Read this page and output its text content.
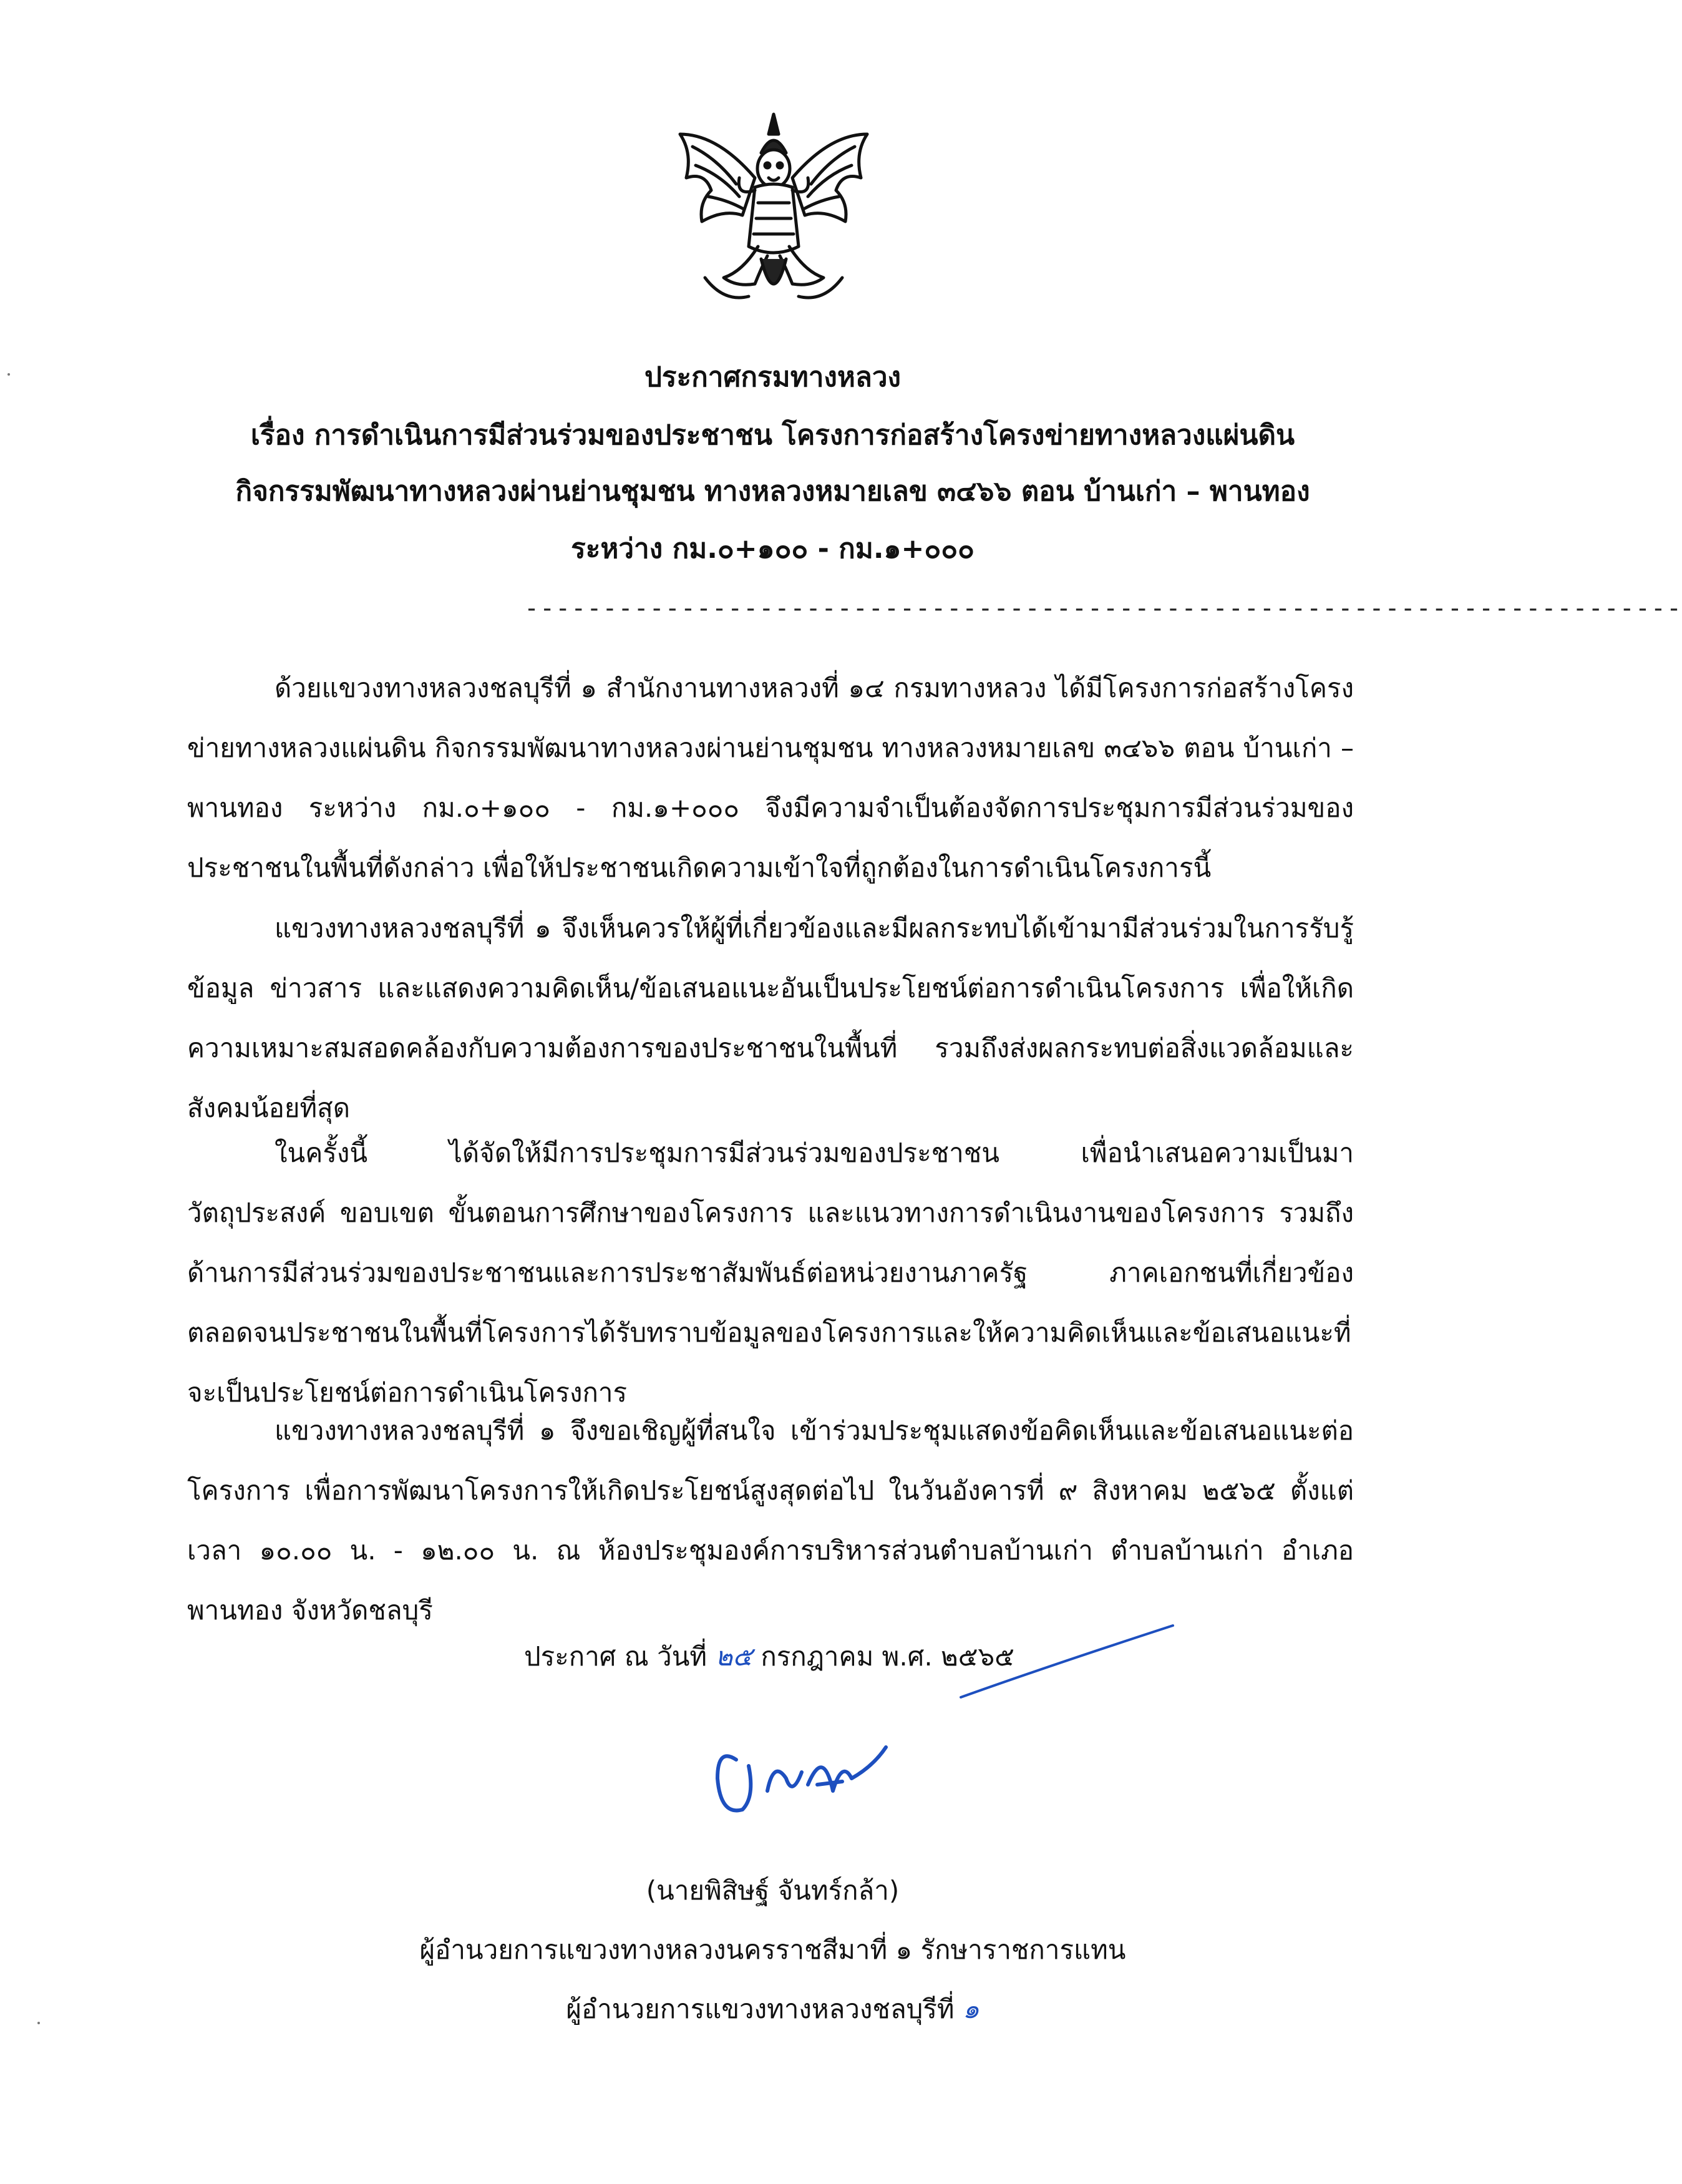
ประกาศกรมทางหลวง
เรื่อง การดำเนินการมีส่วนร่วมของประชาชน โครงการก่อสร้างโครงข่ายทางหลวงแผ่นดิน
กิจกรรมพัฒนาทางหลวงผ่านย่านชุมชน ทางหลวงหมายเลข ๓๔๖๖ ตอน บ้านเก่า – พานทอง
ระหว่าง กม.๐+๑๐๐ - กม.๑+๐๐๐
--------------------------------------------------------------------------

ด้วยแขวงทางหลวงชลบุรีที่ ๑ สำนักงานทางหลวงที่ ๑๔ กรมทางหลวง ได้มีโครงการก่อสร้างโครงข่ายทางหลวงแผ่นดิน กิจกรรมพัฒนาทางหลวงผ่านย่านชุมชน ทางหลวงหมายเลข ๓๔๖๖ ตอน บ้านเก่า – พานทอง ระหว่าง กม.๐+๑๐๐ - กม.๑+๐๐๐ จึงมีความจำเป็นต้องจัดการประชุมการมีส่วนร่วมของประชาชนในพื้นที่ดังกล่าว เพื่อให้ประชาชนเกิดความเข้าใจที่ถูกต้องในการดำเนินโครงการนี้

แขวงทางหลวงชลบุรีที่ ๑ จึงเห็นควรให้ผู้ที่เกี่ยวข้องและมีผลกระทบได้เข้ามามีส่วนร่วมในการรับรู้ข้อมูล ข่าวสาร และแสดงความคิดเห็น/ข้อเสนอแนะอันเป็นประโยชน์ต่อการดำเนินโครงการ เพื่อให้เกิดความเหมาะสมสอดคล้องกับความต้องการของประชาชนในพื้นที่ รวมถึงส่งผลกระทบต่อสิ่งแวดล้อมและสังคมน้อยที่สุด

ในครั้งนี้ ได้จัดให้มีการประชุมการมีส่วนร่วมของประชาชน เพื่อนำเสนอความเป็นมา วัตถุประสงค์ ขอบเขต ขั้นตอนการศึกษาของโครงการ และแนวทางการดำเนินงานของโครงการ รวมถึงด้านการมีส่วนร่วมของประชาชนและการประชาสัมพันธ์ต่อหน่วยงานภาครัฐ ภาคเอกชนที่เกี่ยวข้อง ตลอดจนประชาชนในพื้นที่โครงการได้รับทราบข้อมูลของโครงการและให้ความคิดเห็นและข้อเสนอแนะที่จะเป็นประโยชน์ต่อการดำเนินโครงการ

แขวงทางหลวงชลบุรีที่ ๑ จึงขอเชิญผู้ที่สนใจ เข้าร่วมประชุมแสดงข้อคิดเห็นและข้อเสนอแนะต่อโครงการ เพื่อการพัฒนาโครงการให้เกิดประโยชน์สูงสุดต่อไป ในวันอังคารที่ ๙ สิงหาคม ๒๕๖๕ ตั้งแต่เวลา ๑๐.๐๐ น. - ๑๒.๐๐ น. ณ ห้องประชุมองค์การบริหารส่วนตำบลบ้านเก่า ตำบลบ้านเก่า อำเภอพานทอง จังหวัดชลบุรี

ประกาศ ณ วันที่ ๒๕ กรกฎาคม พ.ศ. ๒๕๖๕
(นายพิสิษฐ์ จันทร์กล้า)
ผู้อำนวยการแขวงทางหลวงนครราชสีมาที่ ๑ รักษาราชการแทน
ผู้อำนวยการแขวงทางหลวงชลบุรีที่ ๑
